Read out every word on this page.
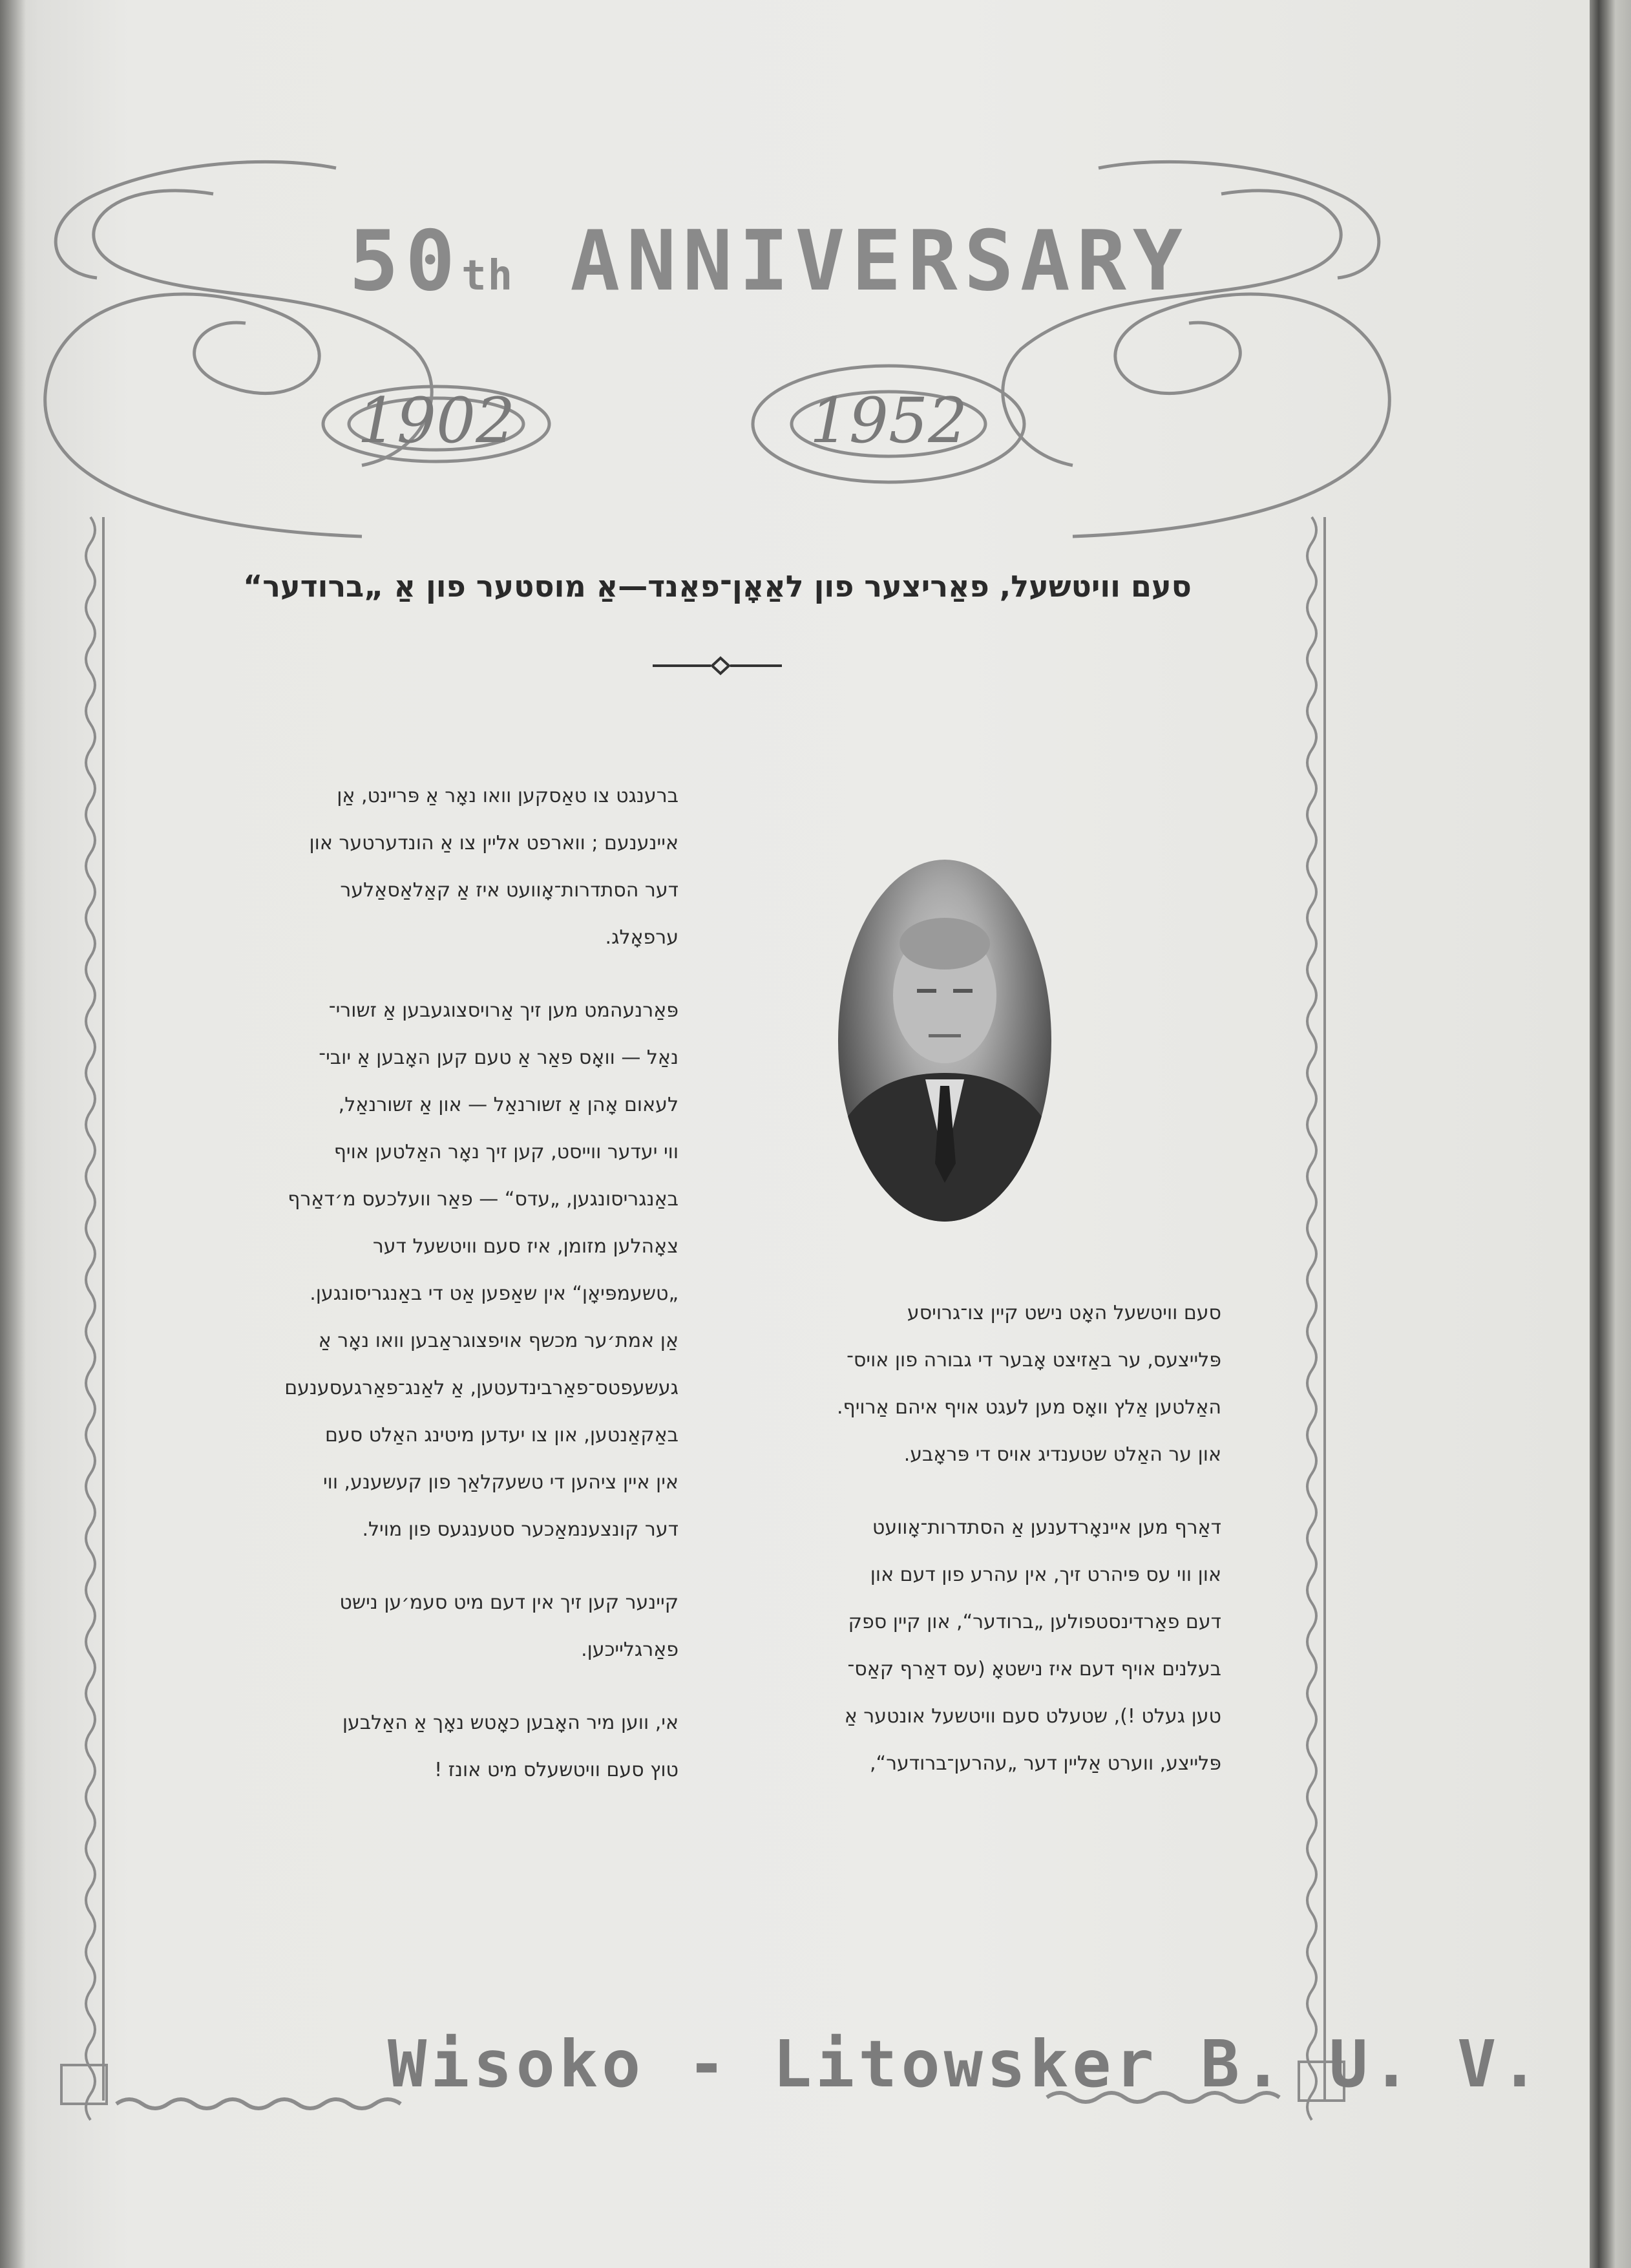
50th ANNIVERSARY
1902	1952
סעם וויטשעל, פאַריצער פון לאַאָן־פאַנד—אַ מוסטער פון אַ „ברודער“

ברענגט צו טאַסקען וואו נאָר אַ פּריינט, אַן
איינענעם ; ווארפט אליין צו אַ הונדערטער און
דער הסתדרות־אָוועט איז אַ קאַלאַסאַלער
ערפאָלג.

פּאַרנעהמט מען זיך אַרויסצוגעבען אַ זשורי־
נאַל — וואָס פאַר אַ טעם קען האָבען אַ יובי־
לעאום אָהן אַ זשורנאַל — און אַ זשורנאַל,
ווי יעדער ווייסט, קען זיך נאָר האַלטען אויף
באַנגריסונגען, „עדס“ — פאַר וועלכעס מ׳דאַרף
צאָהלען מזומן, איז סעם וויטשעל דער
„טשעמפּיאָן“ אין שאַפען אַט די באַנגריסונגען.
אַן אמת׳ער מכשף אויפצוגראַבען וואו נאָר אַ
געשעפטס־פאַרבינדעטען, אַ לאַנג־פאַרגעסענעם
באַקאַנטען, און צו יעדען מיטינג האַלט סעם
אין איין ציהען די טשעקלאַך פון קעשענע, ווי
דער קונצענמאַכער סטענגעס פון מויל.

קיינער קען זיך אין דעם מיט סעמ׳ען נישט
פאַרגלייכען.

אי, ווען מיר האָבען כאָטש נאָך אַ האַלבען
טוץ סעם וויטשעלס מיט אונז !

סעם וויטשעל האָט נישט קיין צו־גרויסע
פּלייצעס, ער באַזיצט אָבער די גבורה פון אויס־
האַלטען אַלץ וואָס מען לעגט אויף איהם אַרויף.
און ער האַלט שטענדיג אויס די פּראָבע.

דאַרף מען איינאָרדענען אַ הסתדרות־אָוועט
און ווי עס פּיהרט זיך, אין עהרע פון דעם און
דעם פאַרדינסטפולען „ברודער“, און קיין ספק
בעלנים אויף דעם איז נישטאָ (עס דאַרף קאַס־
טען געלט !), שטעלט סעם וויטשעל אונטער אַ
פּלייצע, ווערט אַליין דער „עהרען־ברודער“,

Wisoko - Litowsker B. U. V.
